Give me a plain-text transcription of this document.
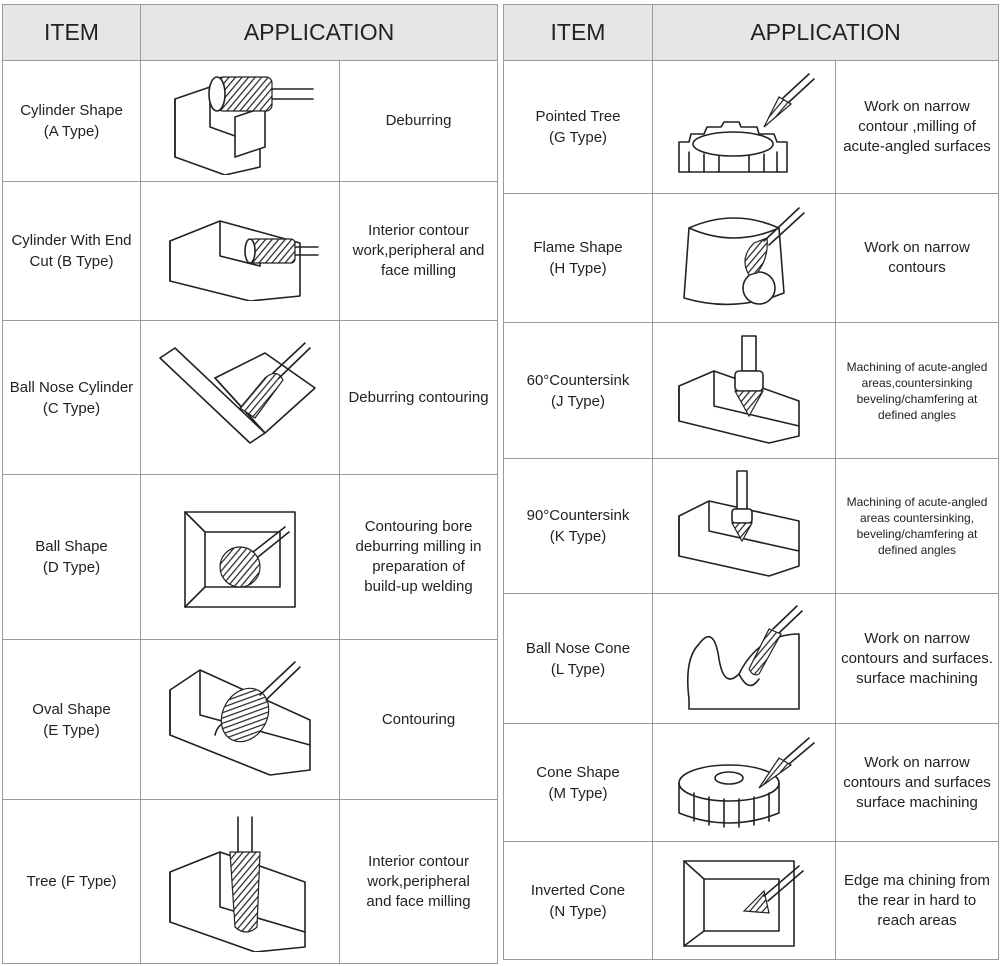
ITEM	APPLICATION	
Cylinder Shape
(A Type)		Deburring
Cylinder With End
Cut (B Type)		Interior contour
work,peripheral and
face milling
Ball Nose Cylinder
(C Type)		Deburring contouring
Ball Shape
(D Type)		Contouring bore
deburring milling in
preparation of
build-up welding
Oval Shape
(E Type)		Contouring
Tree (F Type)		Interior contour
work,peripheral
and face milling
ITEM	APPLICATION	
Pointed Tree
(G Type)		Work on narrow
contour ,milling of
acute-angled surfaces
Flame Shape
(H Type)		Work on narrow
contours
60°Countersink
(J Type)		Machining of acute-angled
areas,countersinking
beveling/chamfering at
defined angles
90°Countersink
(K Type)		Machining of acute-angled
areas countersinking,
beveling/chamfering at
defined angles
Ball Nose Cone
(L Type)		Work on narrow
contours and surfaces.
surface machining
Cone Shape
(M Type)		Work on narrow
contours and surfaces
surface machining
Inverted Cone
(N Type)		Edge ma chining from
the rear in hard to
reach areas
